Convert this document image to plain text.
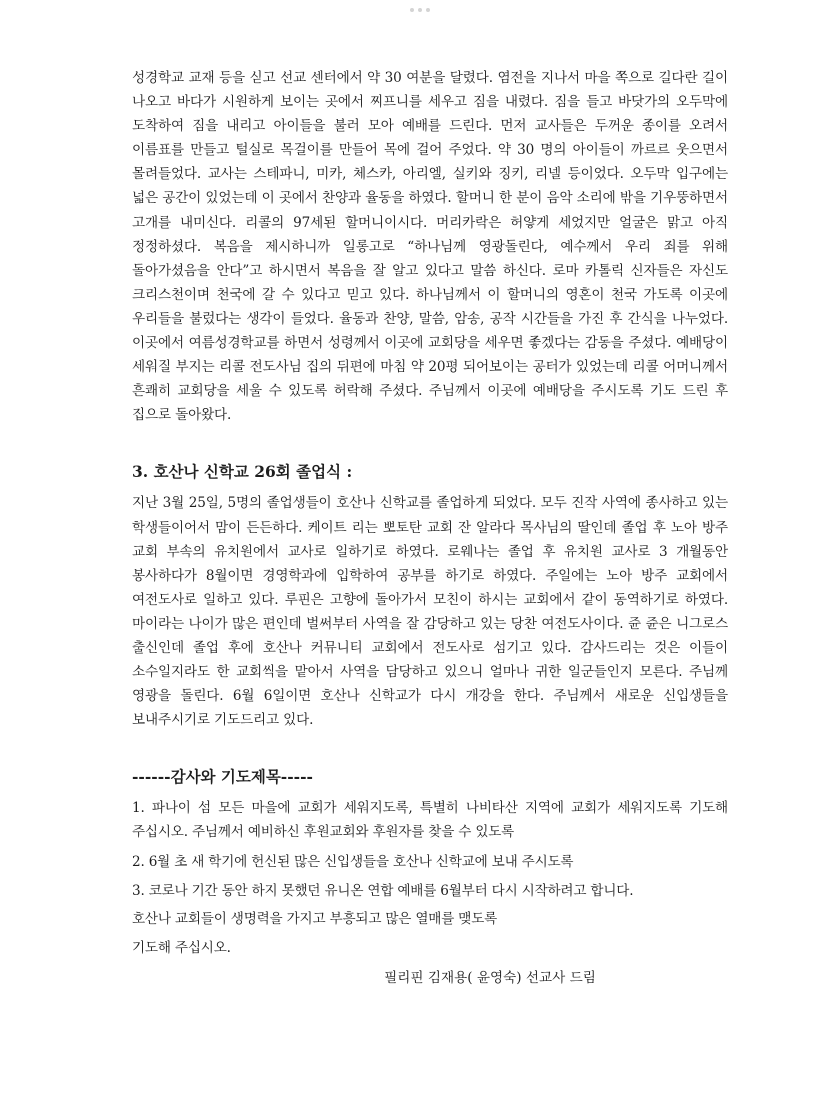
성경학교 교재 등을 싣고 선교 센터에서 약 30 여분을 달렸다. 염전을 지나서 마을 쪽으로 길다란 길이 나오고 바다가 시원하게 보이는 곳에서 찌프니를 세우고 짐을 내렸다. 짐을 들고 바닷가의 오두막에 도착하여 짐을 내리고 아이들을 불러 모아 예배를 드린다. 먼저 교사들은 두꺼운 종이를 오려서 이름표를 만들고 털실로 목걸이를 만들어 목에 걸어 주었다. 약 30 명의 아이들이 까르르 웃으면서 몰려들었다. 교사는 스테파니, 미카, 체스카, 아리엘, 실키와 징키, 리넬 등이었다. 오두막 입구에는 넓은 공간이 있었는데 이 곳에서 찬양과 율동을 하였다. 할머니 한 분이 음악 소리에 밖을 기우뚱하면서 고개를 내미신다. 리콜의 97세된 할머니이시다. 머리카락은 허얗게 세었지만 얼굴은 맑고 아직 정정하셨다. 복음을 제시하니까 일롱고로 “하나님께 영광돌린다, 예수께서 우리 죄를 위해 돌아가셨음을 안다”고 하시면서 복음을 잘 알고 있다고 말씀 하신다. 로마 카톨릭 신자들은 자신도 크리스천이며 천국에 갈 수 있다고 믿고 있다. 하나님께서 이 할머니의 영혼이 천국 가도록 이곳에 우리들을 불렀다는 생각이 들었다. 율동과 찬양, 말씀, 암송, 공작 시간들을 가진 후 간식을 나누었다. 이곳에서 여름성경학교를 하면서 성령께서 이곳에 교회당을 세우면 좋겠다는 감동을 주셨다. 예배당이 세워질 부지는 리콜 전도사님 집의 뒤편에 마침 약 20평 되어보이는 공터가 있었는데 리콜 어머니께서 흔쾌히 교회당을 세울 수 있도록 허락해 주셨다. 주님께서 이곳에 예배당을 주시도록 기도 드린 후 집으로 돌아왔다.

3. 호산나 신학교 26회 졸업식 :

지난 3월 25일, 5명의 졸업생들이 호산나 신학교를 졸업하게 되었다. 모두 진작 사역에 종사하고 있는 학생들이어서 맘이 든든하다. 케이트 리는 뽀토탄 교회 잔 알라다 목사님의 딸인데 졸업 후 노아 방주 교회 부속의 유치원에서 교사로 일하기로 하였다. 로웨나는 졸업 후 유치원 교사로 3 개월동안 봉사하다가 8월이면 경영학과에 입학하여 공부를 하기로 하였다. 주일에는 노아 방주 교회에서 여전도사로 일하고 있다. 루핀은 고향에 돌아가서 모친이 하시는 교회에서 같이 동역하기로 하였다. 마이라는 나이가 많은 편인데 벌써부터 사역을 잘 감당하고 있는 당찬 여전도사이다. 쥰 쥰은 니그로스 출신인데 졸업 후에 호산나 커뮤니티 교회에서 전도사로 섬기고 있다. 감사드리는 것은 이들이 소수일지라도 한 교회씩을 맡아서 사역을 담당하고 있으니 얼마나 귀한 일군들인지 모른다. 주님께 영광을 돌린다. 6월 6일이면 호산나 신학교가 다시 개강을 한다. 주님께서 새로운 신입생들을 보내주시기로 기도드리고 있다.

------감사와 기도제목-----
1. 파나이 섬 모든 마을에 교회가 세워지도록, 특별히 나비타산 지역에 교회가 세워지도록 기도해 주십시오. 주님께서 예비하신 후원교회와 후원자를 찾을 수 있도록
2. 6월 초 새 학기에 헌신된 많은 신입생들을 호산나 신학교에 보내 주시도록
3. 코로나 기간 동안 하지 못했던 유니온 연합 예배를 6월부터 다시 시작하려고 합니다.
호산나 교회들이 생명력을 가지고 부흥되고 많은 열매를 맺도록
기도해 주십시오.

필리핀 김재용( 윤영숙) 선교사 드림
